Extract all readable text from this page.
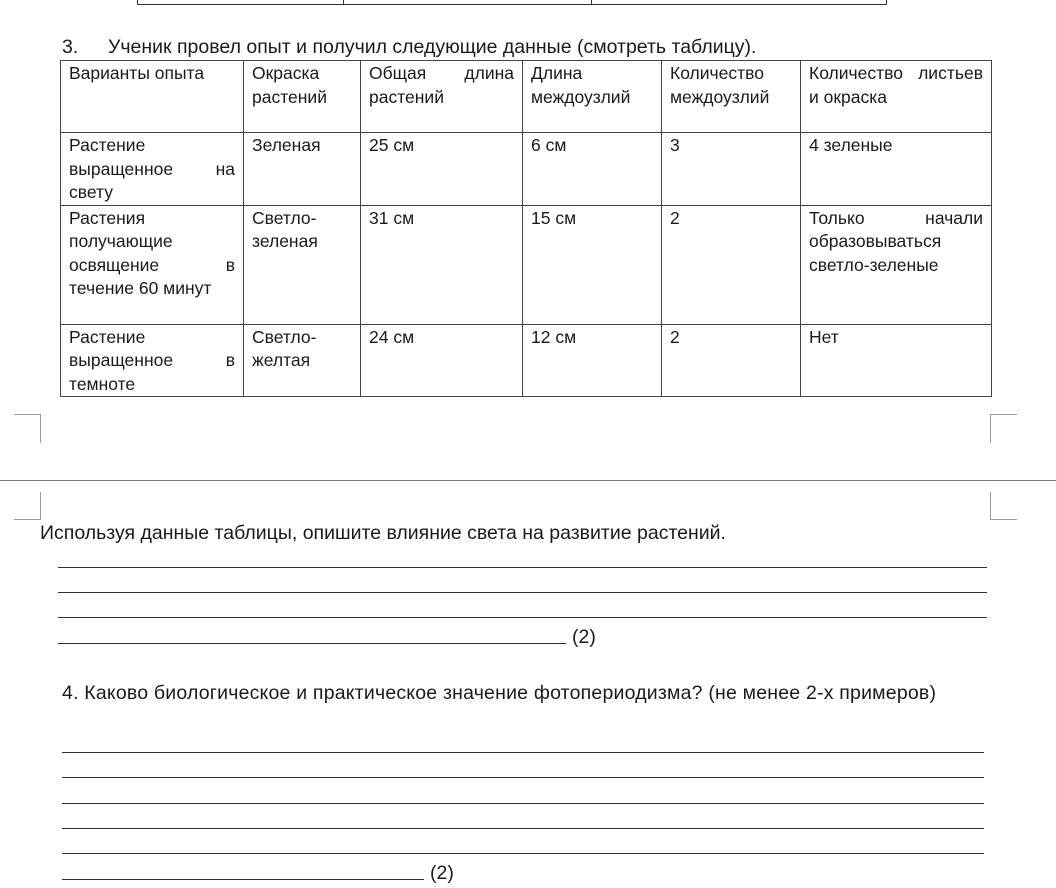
3. Ученик провел опыт и получил следующие данные (смотреть таблицу).
Варианты опыта	Окраска растений	Общая длина растений	Длина междоузлий	Количество междоузлий	Количество листьев и окраска
Растение выращенное на свету	Зеленая	25 см	6 см	3	4 зеленые
Растения получающие освящение в течение 60 минут	Светло-зеленая	31 см	15 см	2	Только начали образовываться светло-зеленые
Растение выращенное в темноте	Светло-желтая	24 см	12 см	2	Нет
Используя данные таблицы, опишите влияние света на развитие растений.
(2)
4. Каково биологическое и практическое значение фотопериодизма? (не менее 2-х примеров)
(2)
